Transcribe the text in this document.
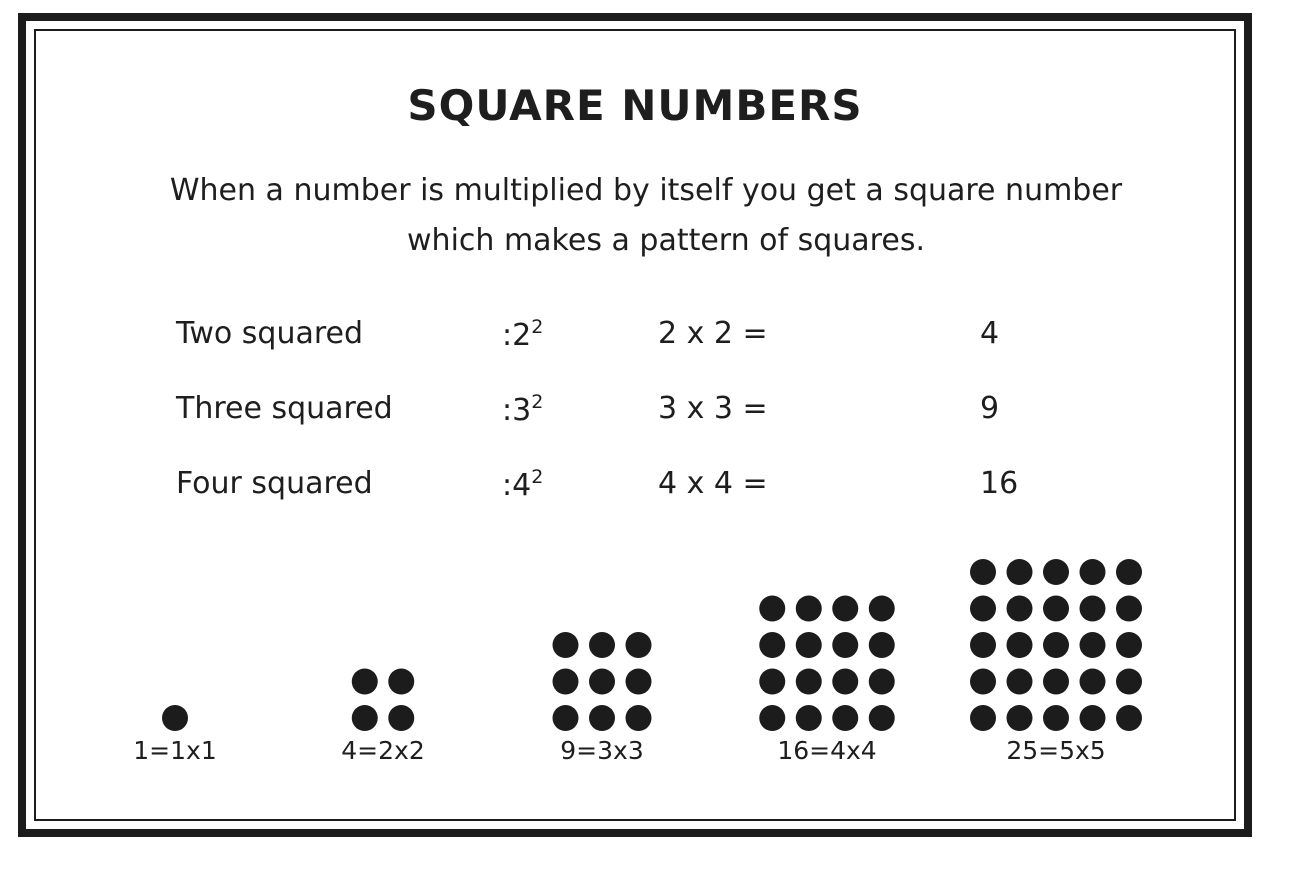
SQUARE NUMBERS
When a number is multiplied by itself you get a square number
which makes a pattern of squares.
Two squared	$:2^2$	2 x 2 =	4
Three squared	$:3^2$	3 x 3 =	9
Four squared	$:4^2$	4 x 4 =	16
1=1x1	4=2x2	9=3x3	16=4x4	25=5x5
